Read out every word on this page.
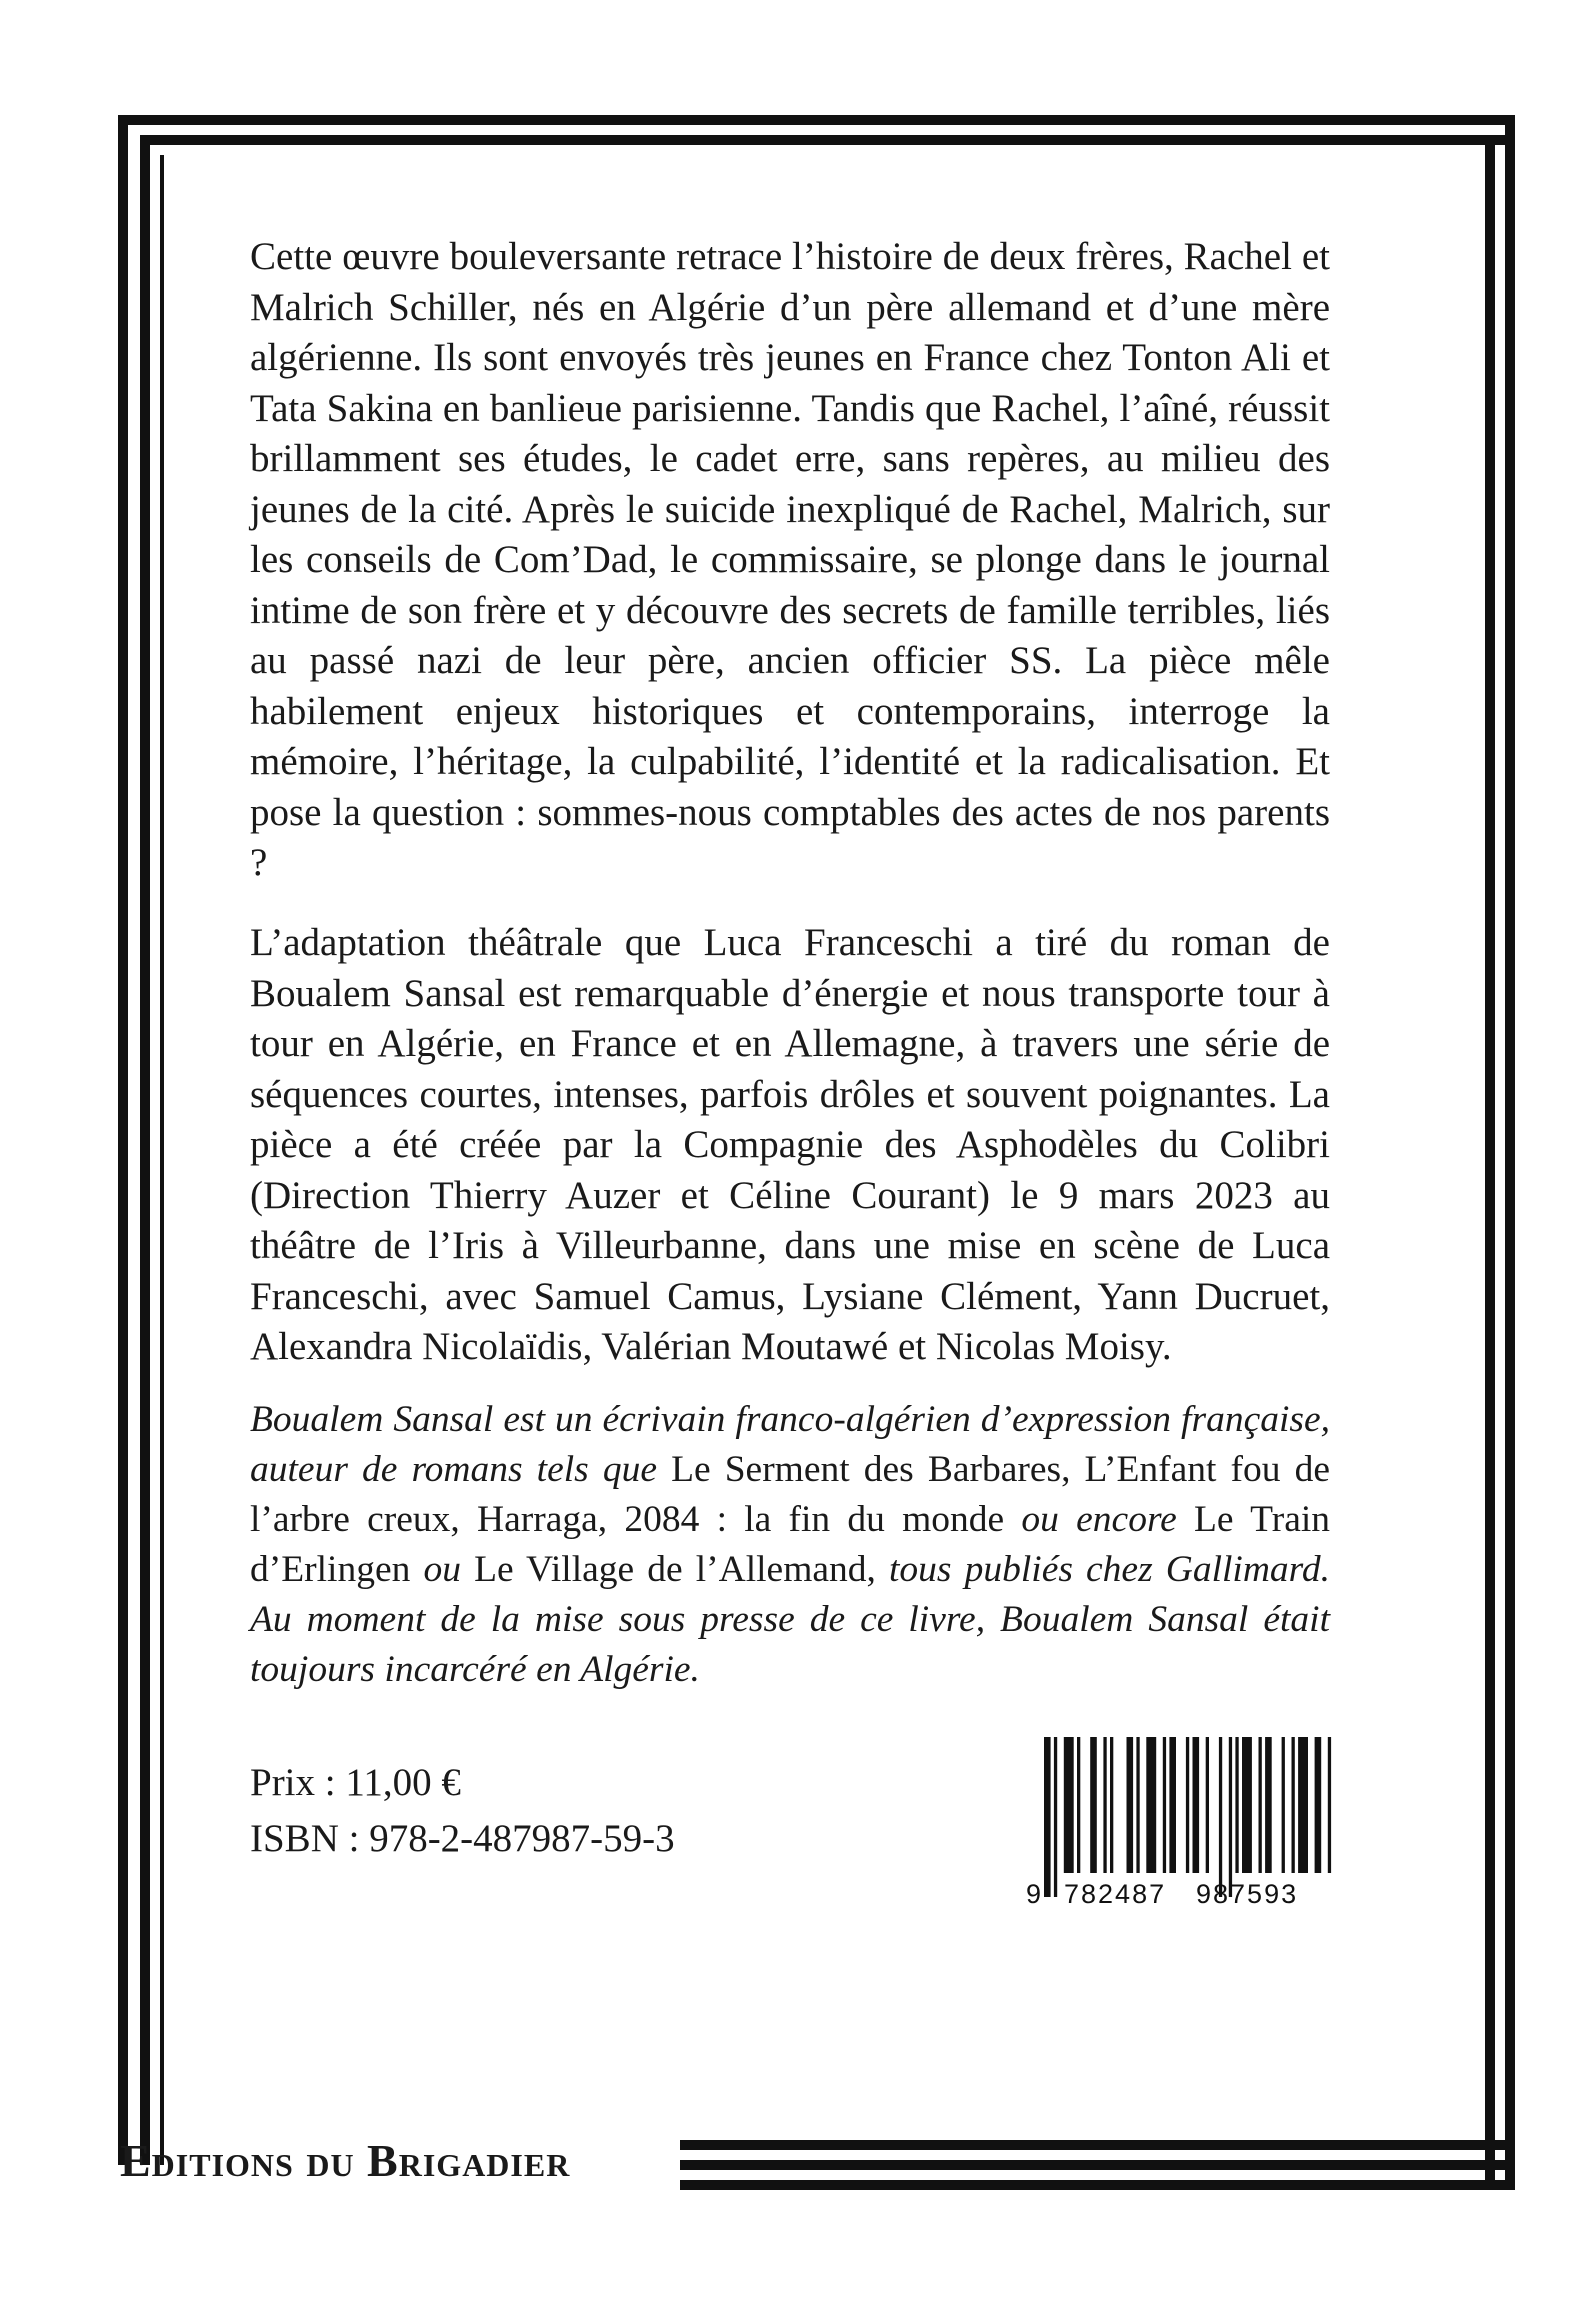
Cette œuvre bouleversante retrace l’histoire de deux frères, Rachel et Malrich Schiller, nés en Algérie d’un père allemand et d’une mère algérienne. Ils sont envoyés très jeunes en France chez Tonton Ali et Tata Sakina en banlieue parisienne. Tandis que Rachel, l’aîné, réussit brillamment ses études, le cadet erre, sans repères, au milieu des jeunes de la cité. Après le suicide inexpliqué de Rachel, Malrich, sur les conseils de Com’Dad, le commissaire, se plonge dans le journal intime de son frère et y découvre des secrets de famille terribles, liés au passé nazi de leur père, ancien officier SS. La pièce mêle habilement enjeux historiques et contemporains, interroge la mémoire, l’héritage, la culpabilité, l’identité et la radicalisation. Et pose la question : sommes-nous comptables des actes de nos parents ?

L’adaptation théâtrale que Luca Franceschi a tiré du roman de Boualem Sansal est remarquable d’énergie et nous transporte tour à tour en Algérie, en France et en Allemagne, à travers une série de séquences courtes, intenses, parfois drôles et souvent poignantes. La pièce a été créée par la Compagnie des Asphodèles du Colibri (Direction Thierry Auzer et Céline Courant) le 9 mars 2023 au théâtre de l’Iris à Villeurbanne, dans une mise en scène de Luca Franceschi, avec Samuel Camus, Lysiane Clément, Yann Ducruet, Alexandra Nicolaïdis, Valérian Moutawé et Nicolas Moisy.

Boualem Sansal est un écrivain franco-algérien d’expression française, auteur de romans tels que Le Serment des Barbares, L’Enfant fou de l’arbre creux, Harraga, 2084 : la fin du monde ou encore Le Train d’Erlingen ou Le Village de l’Allemand, tous publiés chez Gallimard. Au moment de la mise sous presse de ce livre, Boualem Sansal était toujours incarcéré en Algérie.

Prix : 11,00 €
ISBN : 978-2-487987-59-3
9 782487 987593
Editions du Brigadier
